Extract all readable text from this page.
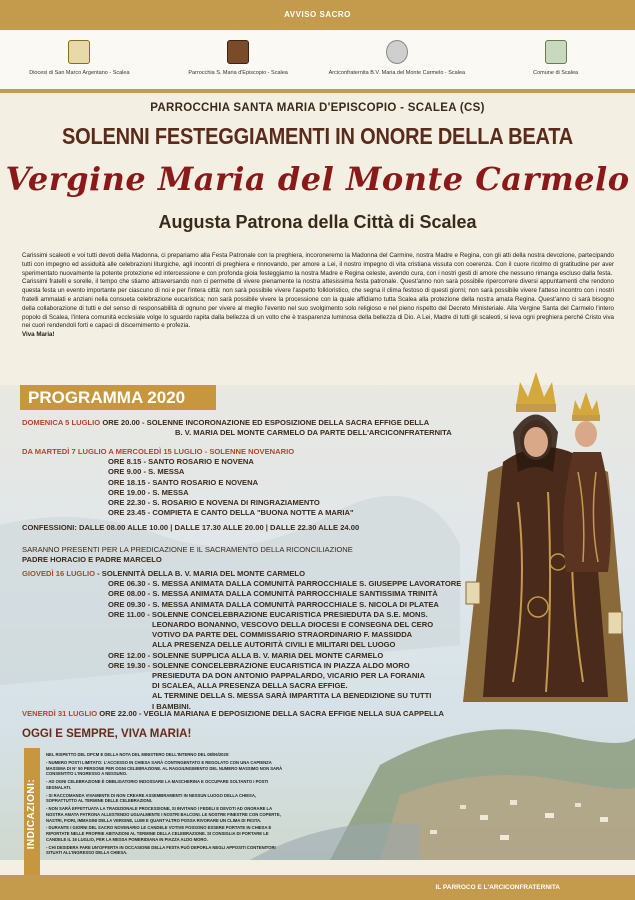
AVVISO SACRO
Diocesi di San Marco Argentano - Scalea	Parrocchia S. Maria d'Episcopio - Scalea	Arciconfraternita B.V. Maria del Monte Carmelo - Scalea	Comune di Scalea
PARROCCHIA SANTA MARIA D'EPISCOPIO - SCALEA (CS)
SOLENNI FESTEGGIAMENTI IN ONORE DELLA BEATA
Vergine Maria del Monte Carmelo
Augusta Patrona della Città di Scalea

Carissimi scaleoti e voi tutti devoti della Madonna, ci prepariamo alla Festa Patronale con la preghiera, incoroneremo la Madonna del Carmine, nostra Madre e Regina, con gli atti della nostra devozione, partecipando tutti con impegno ed assiduità alle celebrazioni liturgiche, agli incontri di preghiera e rinnovando, per amore a Lei, il nostro impegno di vita cristiana vissuta con coerenza. Con il cuore ricolmo di gratitudine per aver sperimentato nuovamente la potente protezione ed intercessione e con profonda gioia festeggiamo la nostra Madre e Regina celeste, avendo cura, con i nostri gesti di amore che nessuno rimanga escluso dalla festa.

Carissimi fratelli e sorelle, il tempo che stiamo attraversando non ci permette di vivere pienamente la nostra attesissima festa patronale. Quest'anno non sarà possibile ripercorrere diversi appuntamenti che rendono questa festa un evento importante per ciascuno di noi e per l'intera città: non sarà possibile vivere l'aspetto folkloristico, che segna il clima festoso di questi giorni; non sarà possibile vivere l'atteso incontro con i nostri fratelli ammalati e anziani nella consueta celebrazione eucaristica; non sarà possibile vivere la processione con la quale affidiamo tutta Scalea alla protezione della nostra amata Regina. Quest'anno ci sarà bisogno della collaborazione di tutti e del senso di responsabilità di ognuno per vivere al meglio l'evento nel suo svolgimento solo religioso e nel pieno rispetto del Decreto Ministeriale. Alla Vergine Santa del Carmelo l'intero popolo di Scalea, l'intera comunità ecclesiale volge lo sguardo rapita dalla bellezza di un volto che è trasparenza luminosa della bellezza di Dio. A Lei, Madre di tutti gli scaleoti, si leva ogni preghiera perché Cristo viva nei cuori rendendoli forti e capaci di discernimento e profezia.

Viva Maria!

PROGRAMMA 2020
DOMENICA 5 LUGLIO ORE 20.00 - SOLENNE INCORONAZIONE ED ESPOSIZIONE DELLA SACRA EFFIGE DELLA
B. V. MARIA DEL MONTE CARMELO DA PARTE DELL'ARCICONFRATERNITA
DA MARTEDÌ 7 LUGLIO A MERCOLEDÌ 15 LUGLIO - SOLENNE NOVENARIO
ORE 8.15 - SANTO ROSARIO E NOVENA
ORE 9.00 - S. MESSA
ORE 18.15 - SANTO ROSARIO E NOVENA
ORE 19.00 - S. MESSA
ORE 22.30 - S. ROSARIO E NOVENA DI RINGRAZIAMENTO
ORE 23.45 - COMPIETA E CANTO DELLA "BUONA NOTTE A MARIA"
CONFESSIONI: DALLE 08.00 ALLE 10.00 | DALLE 17.30 ALLE 20.00 | DALLE 22.30 ALLE 24.00
SARANNO PRESENTI PER LA PREDICAZIONE E IL SACRAMENTO DELLA RICONCILIAZIONE
PADRE HORACIO E PADRE MARCELO
GIOVEDÌ 16 LUGLIO - SOLENNITÀ DELLA B. V. MARIA DEL MONTE CARMELO
ORE 06.30 - S. MESSA ANIMATA DALLA COMUNITÀ PARROCCHIALE S. GIUSEPPE LAVORATORE
ORE 08.00 - S. MESSA ANIMATA DALLA COMUNITÀ PARROCCHIALE SANTISSIMA TRINITÀ
ORE 09.30 - S. MESSA ANIMATA DALLA COMUNITÀ PARROCCHIALE S. NICOLA DI PLATEA
ORE 11.00 - SOLENNE CONCELEBRAZIONE EUCARISTICA PRESIEDUTA DA S.E. MONS.
LEONARDO BONANNO, VESCOVO DELLA DIOCESI E CONSEGNA DEL CERO
VOTIVO DA PARTE DEL COMMISSARIO STRAORDINARIO F. MASSIDDA
ALLA PRESENZA DELLE AUTORITÀ CIVILI E MILITARI DEL LUOGO
ORE 12.00 - SOLENNE SUPPLICA ALLA B. V. MARIA DEL MONTE CARMELO
ORE 19.30 - SOLENNE CONCELEBRAZIONE EUCARISTICA IN PIAZZA ALDO MORO
PRESIEDUTA DA DON ANTONIO PAPPALARDO, VICARIO PER LA FORANIA
DI SCALEA, ALLA PRESENZA DELLA SACRA EFFIGE.
AL TERMINE DELLA S. MESSA SARÀ IMPARTITA LA BENEDIZIONE SU TUTTI
I BAMBINI.
VENERDÌ 31 LUGLIO ORE 22.00 - VEGLIA MARIANA E DEPOSIZIONE DELLA SACRA EFFIGE NELLA SUA CAPPELLA
OGGI E SEMPRE, VIVA MARIA!
INDICAZIONI:
NEL RISPETTO DEL DPCM E DELLA NOTA DEL MINISTERO DELL'INTERNO DEL 08/06/2020:
- NUMERO POSTI LIMITATO: L'ACCESSO IN CHIESA SARÀ CONTINGENTATO E REGOLATO CON UNA CAPIENZA MASSIMA DI N° 50 PERSONE PER OGNI CELEBRAZIONE. AL RAGGIUNGIMENTO DEL NUMERO MASSIMO NON SARÀ CONSENTITO L'INGRESSO A NESSUNO.
- AD OGNI CELEBRAZIONE È OBBLIGATORIO INDOSSARE LA MASCHERINA E OCCUPARE SOLTANTO I POSTI SEGNALATI.
- SI RACCOMANDA VIVAMENTE DI NON CREARE ASSEMBRAMENTI IN NESSUN LUOGO DELLA CHIESA, SOPRATTUTTO AL TERMINE DELLE CELEBRAZIONI.
- NON SARÀ EFFETTUATA LA TRADIZIONALE PROCESSIONE, SI INVITANO I FEDELI E DEVOTI AD ONORARE LA NOSTRA AMATA PATRONA ALLESTENDO UGUALMENTE I NOSTRI BALCONI. LE NOSTRE FINESTRE CON COPERTE, NASTRI, FIORI, IMMAGINI DELLA VERGINE, LUMI E QUANT'ALTRO POSSA RIVORARE UN CLIMA DI FESTA.
- DURANTE I GIORNI DEL SACRO NOVENARIO LE CANDELE VOTIVE POSSONO ESSERE PORTATE IN CHIESA E RIPORTATE NELLE PROPRIE ABITAZIONI AL TERMINE DELLA CELEBRAZIONE. SI CONSIGLIA DI PORTARE LE CANDELE IL 16 LUGLIO, PER LA MESSA POMERIDIANA IN PIAZZA ALDO MORO.
- CHI DESIDERA FARE UN'OFFERTA IN OCCASIONE DELLA FESTA PUÒ DEPORLA NEGLI APPOSITI CONTENITORI SITUATI ALL'INGRESSO DELLA CHIESA.
IL PARROCO E L'ARCICONFRATERNITA
